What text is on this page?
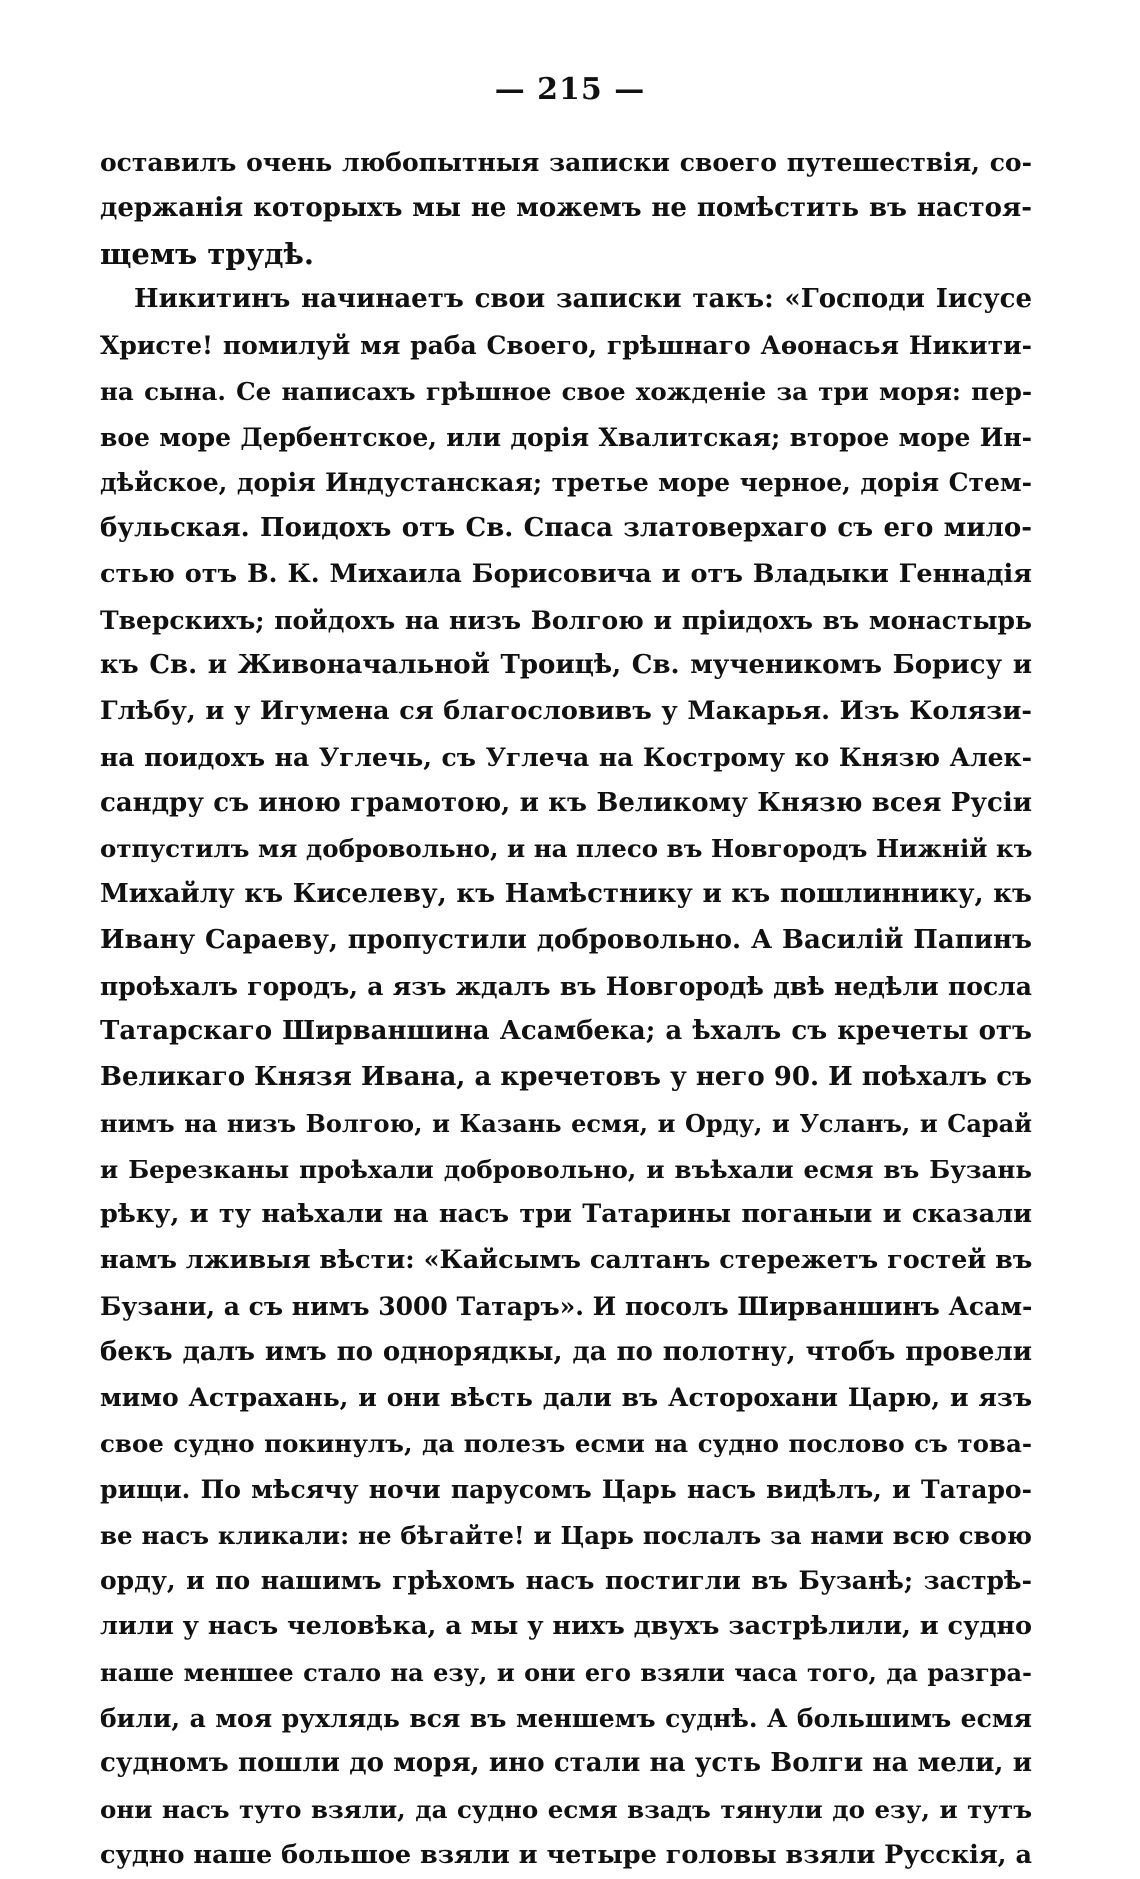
— 215 —
оставилъ очень любопытныя записки своего путешествія, со-
держанія которыхъ мы не можемъ не помѣстить въ настоя-
щемъ трудѣ.
Никитинъ начинаетъ свои записки такъ: «Господи Іисусе
Христе! помилуй мя раба Своего, грѣшнаго Аѳонасья Никити-
на сына. Се написахъ грѣшное свое хожденіе за три моря: пер-
вое море Дербентское, или дорія Хвалитская; второе море Ин-
дѣйское, дорія Индустанская; третье море черное, дорія Стем-
бульская. Поидохъ отъ Св. Спаса златоверхаго съ его мило-
стью отъ В. К. Михаила Борисовича и отъ Владыки Геннадія
Тверскихъ; пойдохъ на низъ Волгою и пріидохъ въ монастырь
къ Св. и Живоначальной Троицѣ, Св. мученикомъ Борису и
Глѣбу, и у Игумена ся благословивъ у Макарья. Изъ Колязи-
на поидохъ на Углечь, съ Углеча на Кострому ко Князю Алек-
сандру съ иною грамотою, и къ Великому Князю всея Русіи
отпустилъ мя добровольно, и на плесо въ Новгородъ Нижній къ
Михайлу къ Киселеву, къ Намѣстнику и къ пошлиннику, къ
Ивану Сараеву, пропустили добровольно. А Василій Папинъ
проѣхалъ городъ, а язъ ждалъ въ Новгородѣ двѣ недѣли посла
Татарскаго Ширваншина Асамбека; а ѣхалъ съ кречеты отъ
Великаго Князя Ивана, а кречетовъ у него 90. И поѣхалъ съ
нимъ на низъ Волгою, и Казань есмя, и Орду, и Усланъ, и Сарай
и Березканы проѣхали добровольно, и въѣхали есмя въ Бузань
рѣку, и ту наѣхали на насъ три Татарины поганыи и сказали
намъ лживыя вѣсти: «Кайсымъ салтанъ стережетъ гостей въ
Бузани, а съ нимъ 3000 Татаръ». И посолъ Ширваншинъ Асам-
бекъ далъ имъ по однорядкы, да по полотну, чтобъ провели
мимо Астрахань, и они вѣсть дали въ Асторохани Царю, и язъ
свое судно покинулъ, да полезъ есми на судно послово съ това-
рищи. По мѣсячу ночи парусомъ Царь насъ видѣлъ, и Татаро-
ве насъ кликали: не бѣгайте! и Царь послалъ за нами всю свою
орду, и по нашимъ грѣхомъ насъ постигли въ Бузанѣ; застрѣ-
лили у насъ человѣка, а мы у нихъ двухъ застрѣлили, и судно
наше меншее стало на езу, и они его взяли часа того, да разгра-
били, а моя рухлядь вся въ меншемъ суднѣ. А большимъ есмя
судномъ пошли до моря, ино стали на усть Волги на мели, и
они насъ туто взяли, да судно есмя взадъ тянули до езу, и тутъ
судно наше большое взяли и четыре головы взяли Русскія, а
